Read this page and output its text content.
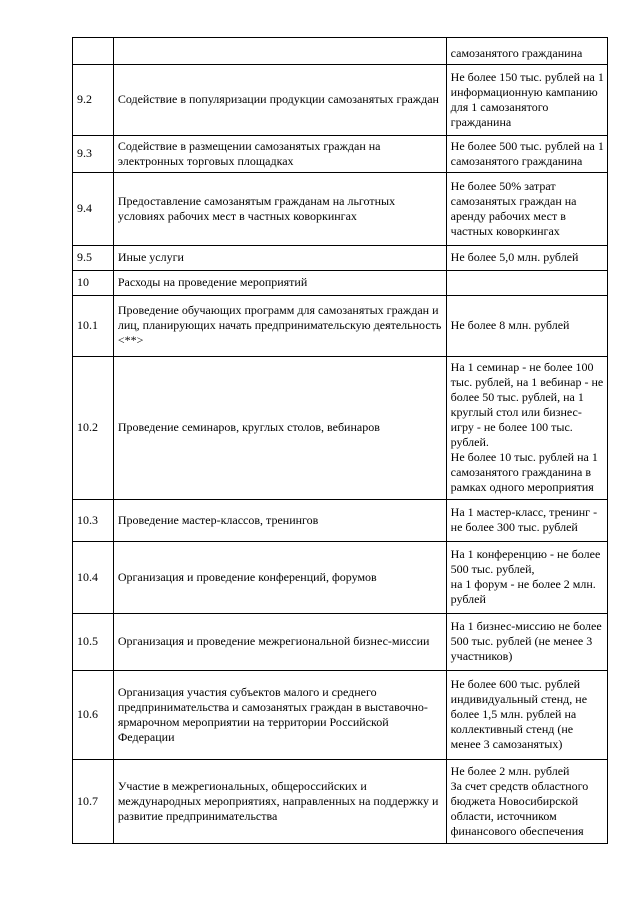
		самозанятого гражданина
9.2	Содействие в популяризации продукции самозанятых граждан	Не более 150 тыс. рублей на 1 информационную кампанию для 1 самозанятого гражданина
9.3	Содействие в размещении самозанятых граждан на электронных торговых площадках	Не более 500 тыс. рублей на 1 самозанятого гражданина
9.4	Предоставление самозанятым гражданам на льготных условиях рабочих мест в частных коворкингах	Не более 50% затрат самозанятых граждан на аренду рабочих мест в частных коворкингах
9.5	Иные услуги	Не более 5,0 млн. рублей
10	Расходы на проведение мероприятий	
10.1	Проведение обучающих программ для самозанятых граждан и лиц, планирующих начать предпринимательскую деятельность <**>	Не более 8 млн. рублей
10.2	Проведение семинаров, круглых столов, вебинаров	На 1 семинар - не более 100 тыс. рублей, на 1 вебинар - не более 50 тыс. рублей, на 1 круглый стол или бизнес-игру - не более 100 тыс. рублей.
Не более 10 тыс. рублей на 1 самозанятого гражданина в рамках одного мероприятия
10.3	Проведение мастер-классов, тренингов	На 1 мастер-класс, тренинг - не более 300 тыс. рублей
10.4	Организация и проведение конференций, форумов	На 1 конференцию - не более 500 тыс. рублей,
на 1 форум - не более 2 млн. рублей
10.5	Организация и проведение межрегиональной бизнес-миссии	На 1 бизнес-миссию не более 500 тыс. рублей (не менее 3 участников)
10.6	Организация участия субъектов малого и среднего предпринимательства и самозанятых граждан в выставочно-ярмарочном мероприятии на территории Российской Федерации	Не более 600 тыс. рублей индивидуальный стенд, не более 1,5 млн. рублей на коллективный стенд (не менее 3 самозанятых)
10.7	Участие в межрегиональных, общероссийских и международных мероприятиях, направленных на поддержку и развитие предпринимательства	Не более 2 млн. рублей
За счет средств областного бюджета Новосибирской области, источником финансового обеспечения
